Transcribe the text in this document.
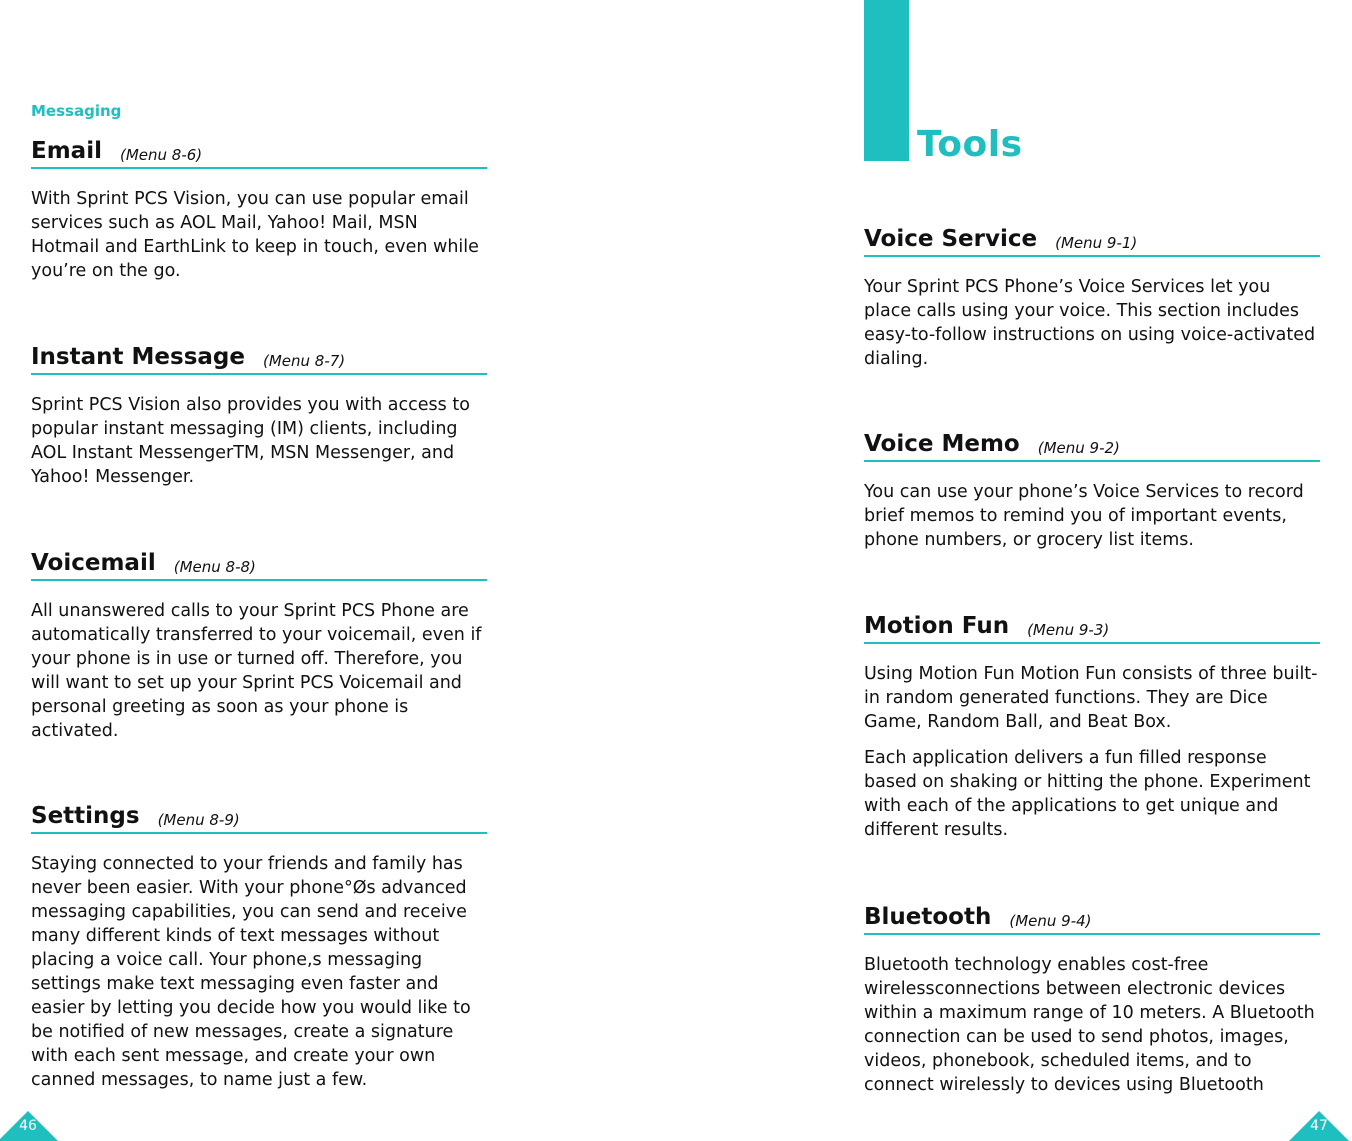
Messaging
Email (Menu 8-6)

With Sprint PCS Vision, you can use popular email services such as AOL Mail, Yahoo! Mail, MSN Hotmail and EarthLink to keep in touch, even while you’re on the go.

Instant Message (Menu 8-7)

Sprint PCS Vision also provides you with access to popular instant messaging (IM) clients, including AOL Instant MessengerTM, MSN Messenger, and Yahoo! Messenger.

Voicemail (Menu 8-8)

All unanswered calls to your Sprint PCS Phone are automatically transferred to your voicemail, even if your phone is in use or turned off. Therefore, you will want to set up your Sprint PCS Voicemail and personal greeting as soon as your phone is activated.

Settings (Menu 8-9)

Staying connected to your friends and family has never been easier. With your phone°Øs advanced messaging capabilities, you can send and receive many different kinds of text messages without placing a voice call. Your phone,s messaging settings make text messaging even faster and easier by letting you decide how you would like to be notified of new messages, create a signature with each sent message, and create your own canned messages, to name just a few.

46
Tools
Voice Service (Menu 9-1)

Your Sprint PCS Phone’s Voice Services let you place calls using your voice. This section includes easy-to-follow instructions on using voice-activated dialing.

Voice Memo (Menu 9-2)

You can use your phone’s Voice Services to record brief memos to remind you of important events, phone numbers, or grocery list items.

Motion Fun (Menu 9-3)

Using Motion Fun Motion Fun consists of three built-in random generated functions. They are Dice Game, Random Ball, and Beat Box.

Each application delivers a fun filled response based on shaking or hitting the phone. Experiment with each of the applications to get unique and different results.

Bluetooth (Menu 9-4)

Bluetooth technology enables cost-free wirelessconnections between electronic devices within a maximum range of 10 meters. A Bluetooth connection can be used to send photos, images, videos, phonebook, scheduled items, and to connect wirelessly to devices using Bluetooth

47
